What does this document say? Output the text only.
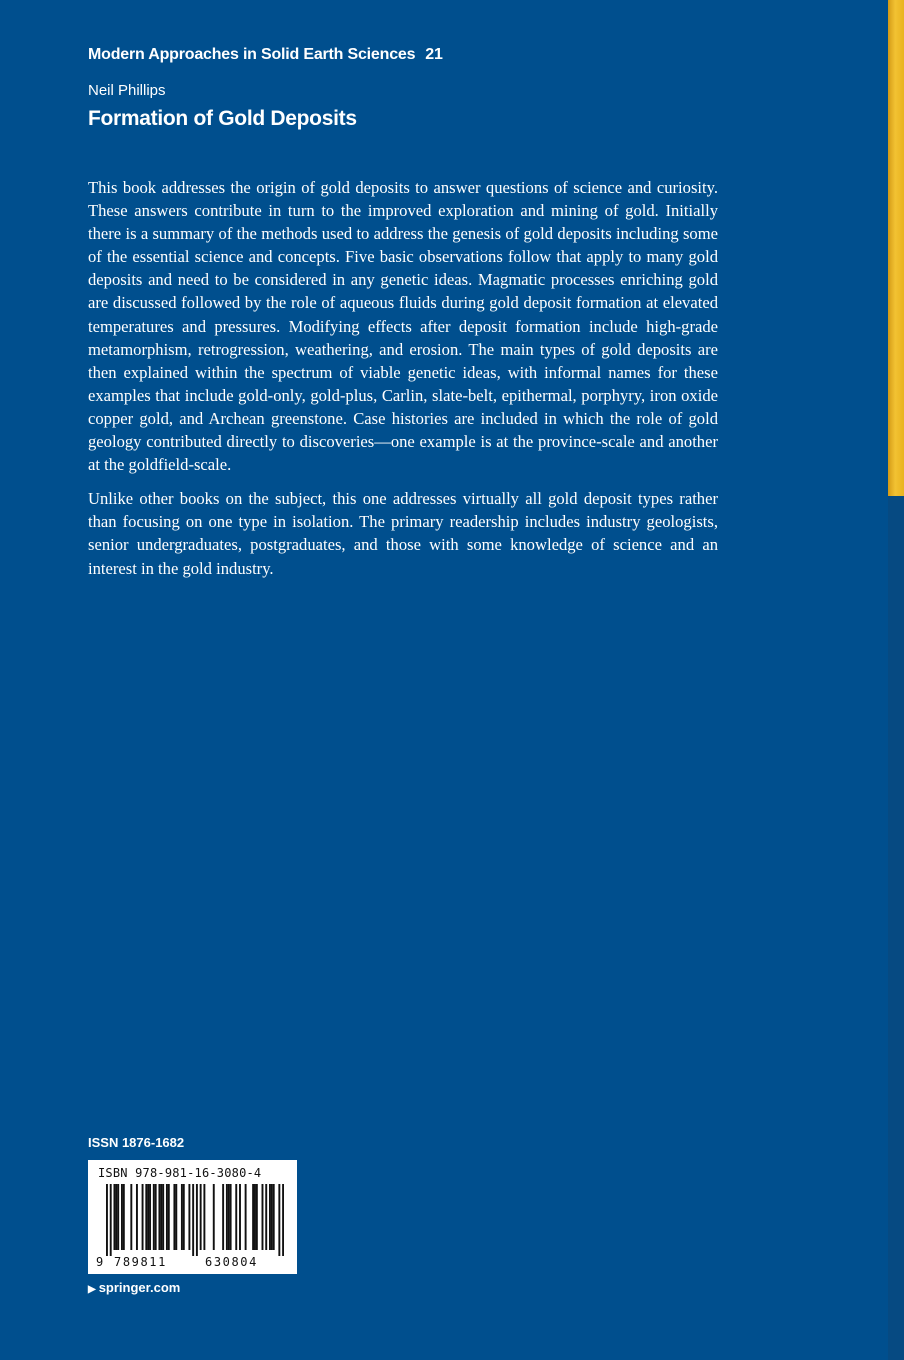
Modern Approaches in Solid Earth Sciences 21
Neil Phillips
Formation of Gold Deposits

This book addresses the origin of gold deposits to answer questions of science and curiosity. These answers contribute in turn to the improved exploration and mining of gold. Initially there is a summary of the methods used to address the genesis of gold deposits including some of the essential science and concepts. Five basic observations follow that apply to many gold deposits and need to be considered in any genetic ideas. Magmatic processes enriching gold are discussed followed by the role of aqueous fluids during gold deposit formation at elevated temperatures and pressures. Modifying effects after deposit formation include high-grade metamorphism, retrogression, weathering, and erosion. The main types of gold deposits are then explained within the spectrum of viable genetic ideas, with informal names for these examples that include gold-only, gold-plus, Carlin, slate-belt, epithermal, porphyry, iron oxide copper gold, and Archean greenstone. Case histories are included in which the role of gold geology contributed directly to discoveries—one example is at the province-scale and another at the goldfield-scale.

Unlike other books on the subject, this one addresses virtually all gold deposit types rather than focusing on one type in isolation. The primary readership includes industry geologists, senior undergraduates, postgraduates, and those with some knowledge of science and an interest in the gold industry.

ISSN 1876-1682
ISBN 978-981-16-3080-4
9 789811	630804
▶ springer.com
